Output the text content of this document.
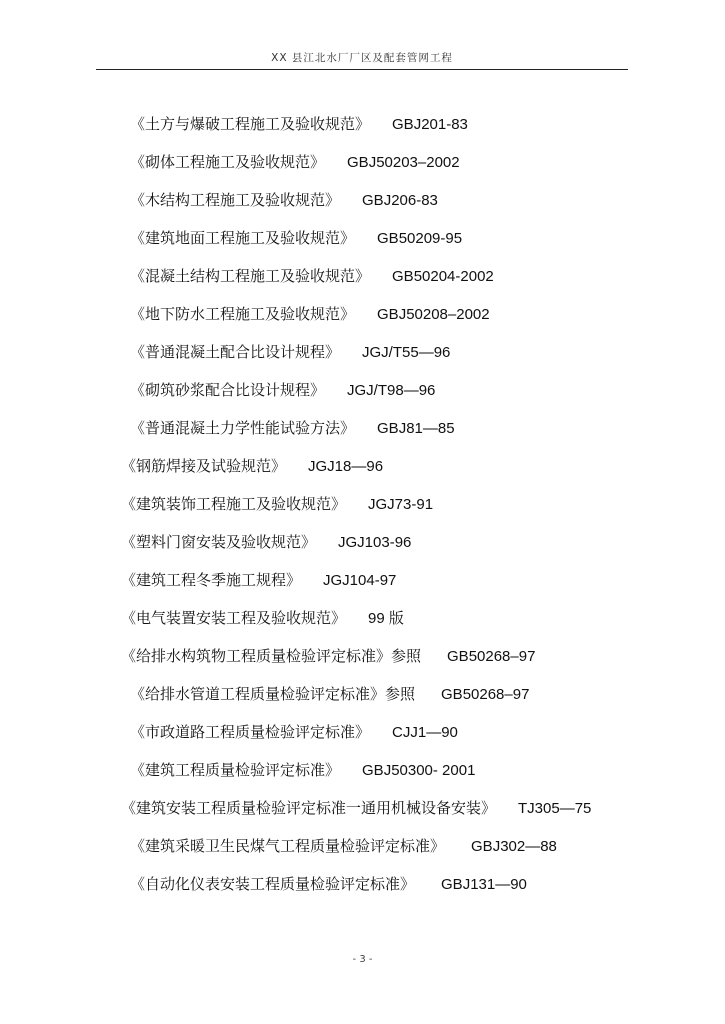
XX 县江北水厂厂区及配套管网工程
《土方与爆破工程施工及验收规范》 GBJ201-83
《砌体工程施工及验收规范》 GBJ50203–2002
《木结构工程施工及验收规范》 GBJ206-83
《建筑地面工程施工及验收规范》 GB50209-95
《混凝土结构工程施工及验收规范》 GB50204-2002
《地下防水工程施工及验收规范》 GBJ50208–2002
《普通混凝土配合比设计规程》 JGJ/T55—96
《砌筑砂浆配合比设计规程》 JGJ/T98—96
《普通混凝土力学性能试验方法》 GBJ81—85
《钢筋焊接及试验规范》 JGJ18—96
《建筑装饰工程施工及验收规范》 JGJ73-91
《塑料门窗安装及验收规范》 JGJ103-96
《建筑工程冬季施工规程》 JGJ104-97
《电气装置安装工程及验收规范》 99 版
《给排水构筑物工程质量检验评定标准》参照 GB50268–97
《给排水管道工程质量检验评定标准》参照 GB50268–97
《市政道路工程质量检验评定标准》 CJJ1—90
《建筑工程质量检验评定标准》 GBJ50300- 2001
《建筑安装工程质量检验评定标准一通用机械设备安装》 TJ305—75
《建筑采暖卫生民煤气工程质量检验评定标准》 GBJ302—88
《自动化仪表安装工程质量检验评定标准》 GBJ131—90
- 3 -
